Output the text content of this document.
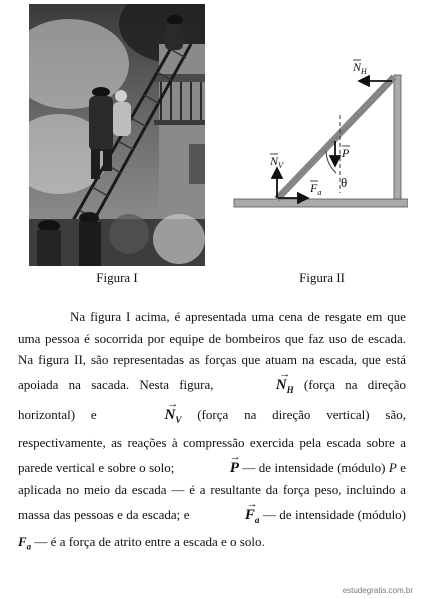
$N_H$
$N_V$
P
$F_a$
θ
Figura I	Figura II

Na figura I acima, é apresentada uma cena de resgate em que uma pessoa é socorrida por equipe de bombeiros que faz uso de escada. Na figura II, são representadas as forças que atuam na escada, que está apoiada na sacada. Nesta figura,	→ $N_H$ (força na direção horizontal) e	→ $N_V$ (força na direção vertical) são, respectivamente, as reações à compressão exercida pela escada sobre a parede vertical e sobre o solo;	→ P — de intensidade (módulo) P e aplicada no meio da escada — é a resultante da força peso, incluindo a massa das pessoas e da escada; e	→ $F_a$ — de intensidade (módulo) $F_a$ — é a força de atrito entre a escada e o solo.

estudegratis.com.br
